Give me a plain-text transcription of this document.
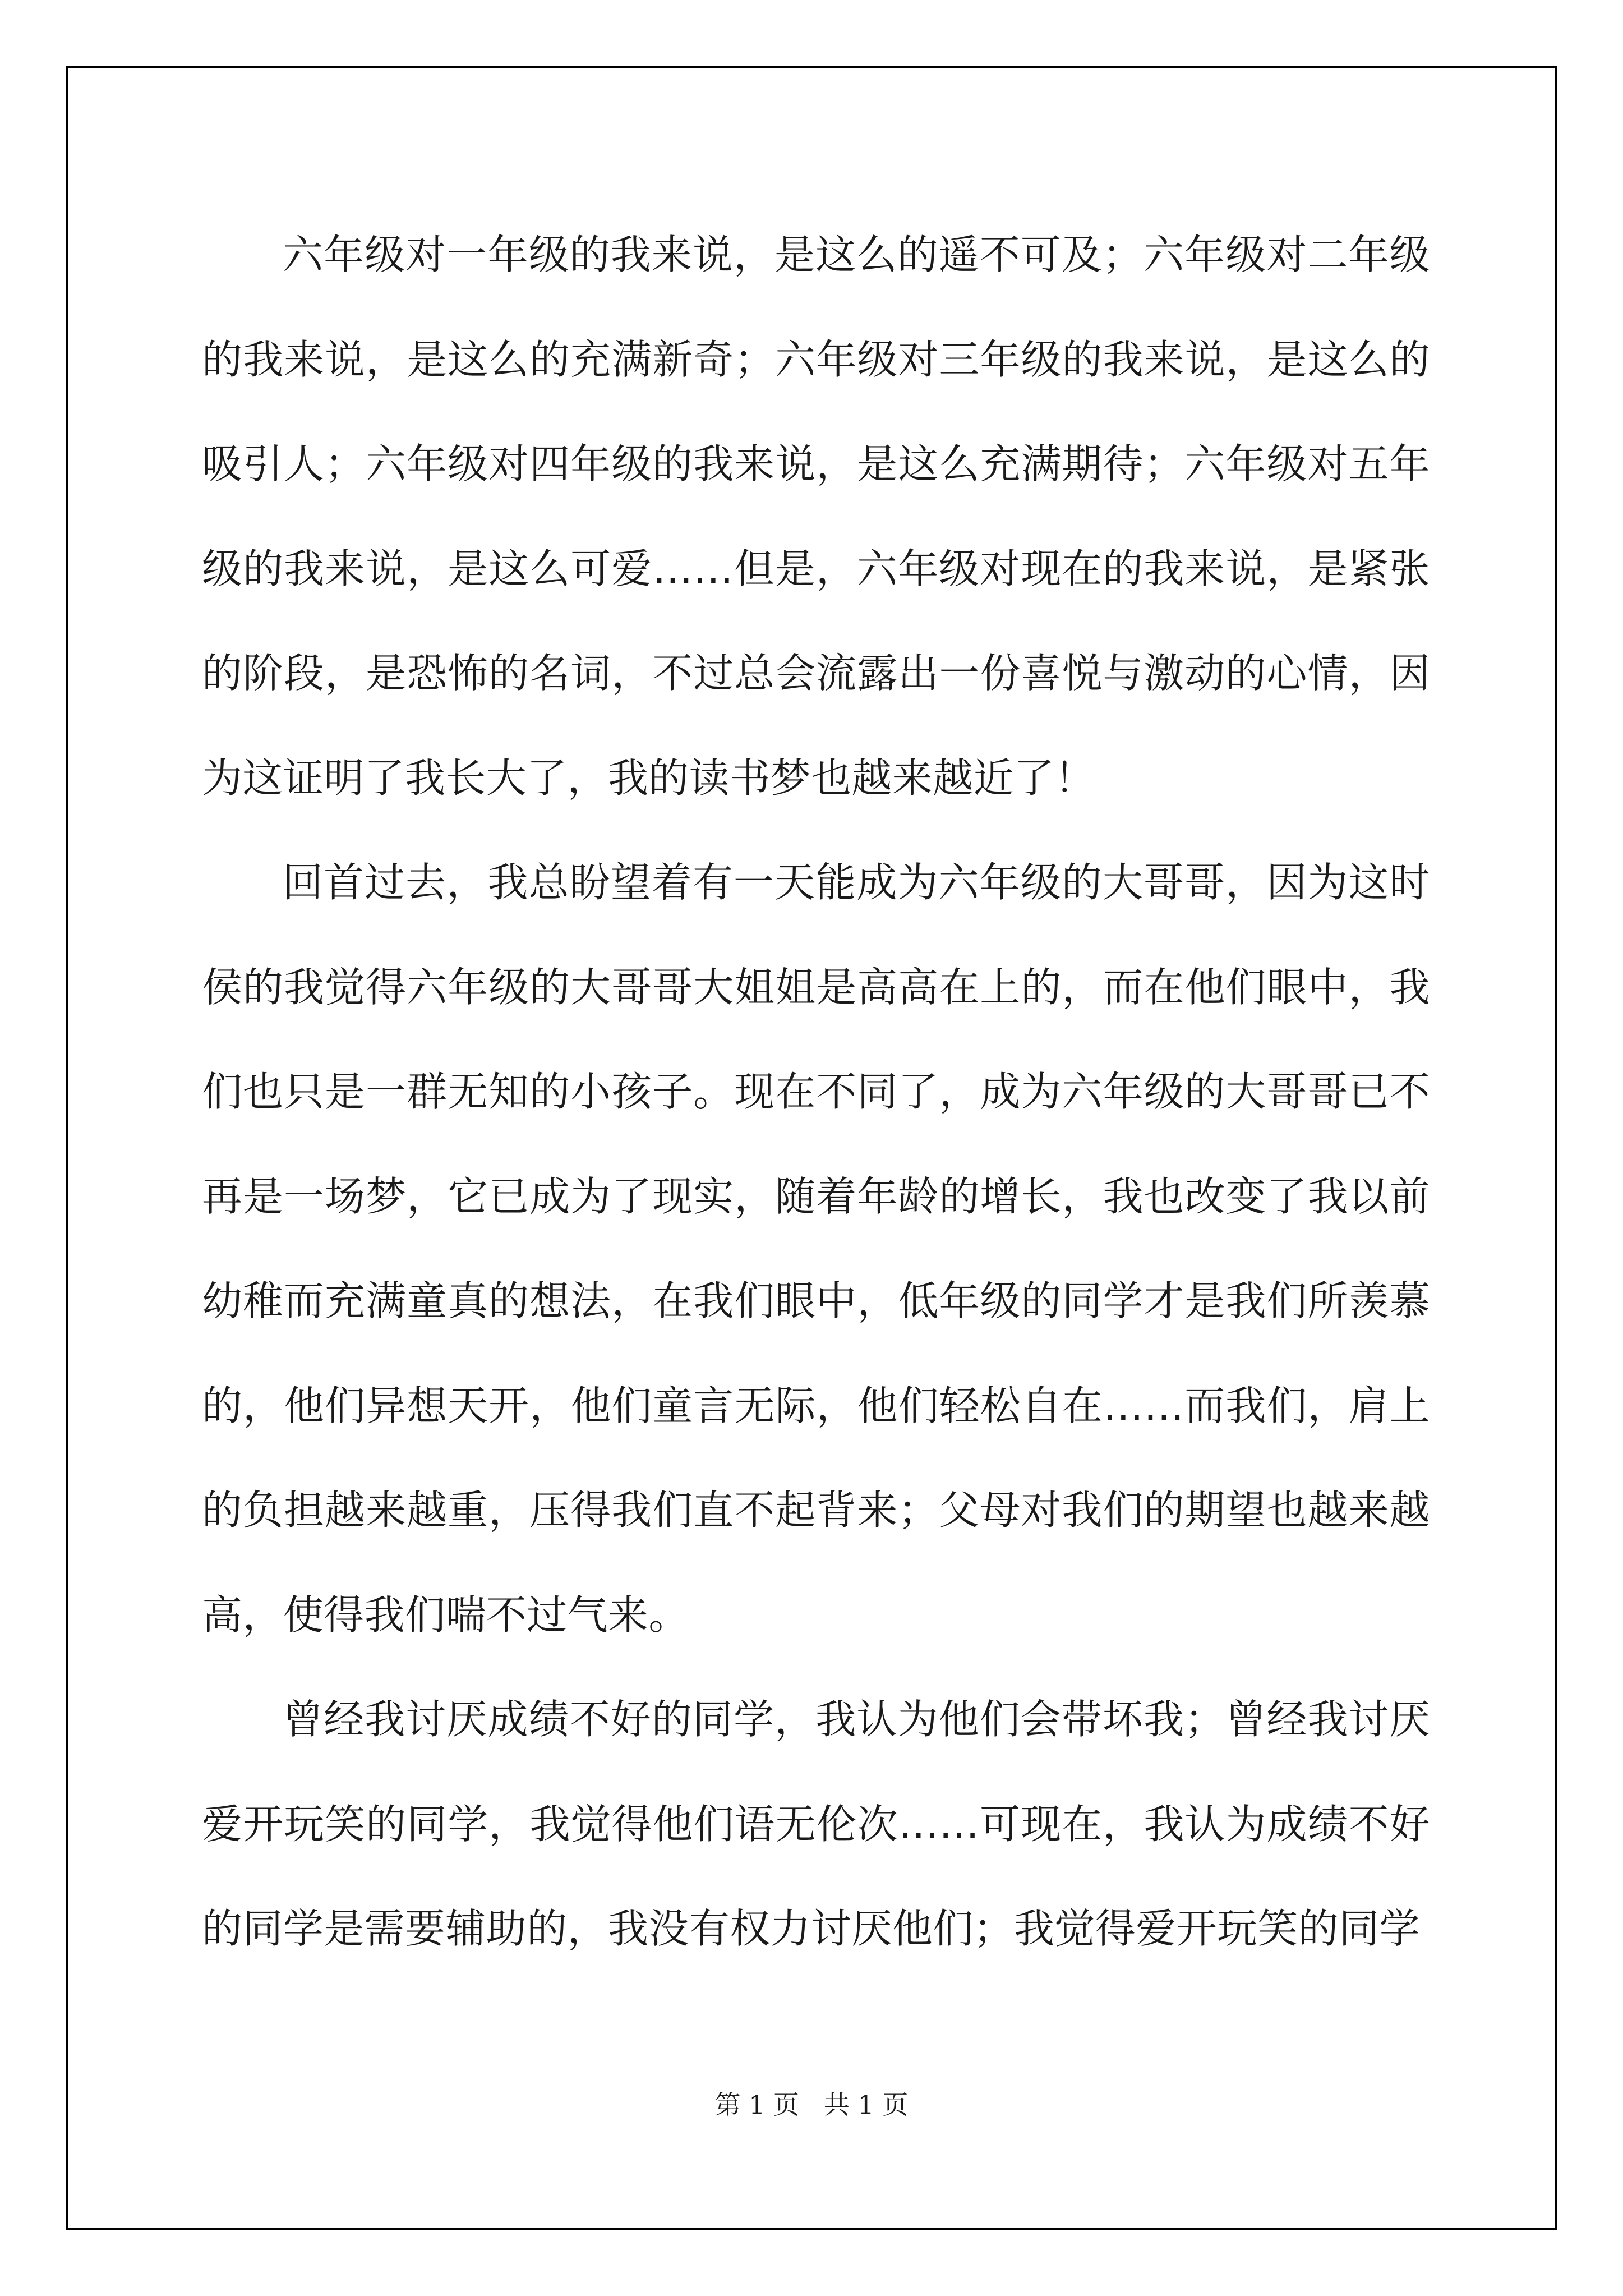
六年级对一年级的我来说，是这么的遥不可及；六年级对二年级的我来说，是这么的充满新奇；六年级对三年级的我来说，是这么的吸引人；六年级对四年级的我来说，是这么充满期待；六年级对五年级的我来说，是这么可爱……但是，六年级对现在的我来说，是紧张的阶段，是恐怖的名词，不过总会流露出一份喜悦与激动的心情，因为这证明了我长大了，我的读书梦也越来越近了！

回首过去，我总盼望着有一天能成为六年级的大哥哥，因为这时侯的我觉得六年级的大哥哥大姐姐是高高在上的，而在他们眼中，我们也只是一群无知的小孩子。现在不同了，成为六年级的大哥哥已不再是一场梦，它已成为了现实，随着年龄的增长，我也改变了我以前幼稚而充满童真的想法，在我们眼中，低年级的同学才是我们所羡慕的，他们异想天开，他们童言无际，他们轻松自在……而我们，肩上的负担越来越重，压得我们直不起背来；父母对我们的期望也越来越高，使得我们喘不过气来。

曾经我讨厌成绩不好的同学，我认为他们会带坏我；曾经我讨厌爱开玩笑的同学，我觉得他们语无伦次……可现在，我认为成绩不好的同学是需要辅助的，我没有权力讨厌他们；我觉得爱开玩笑的同学

第 1 页   共 1 页
